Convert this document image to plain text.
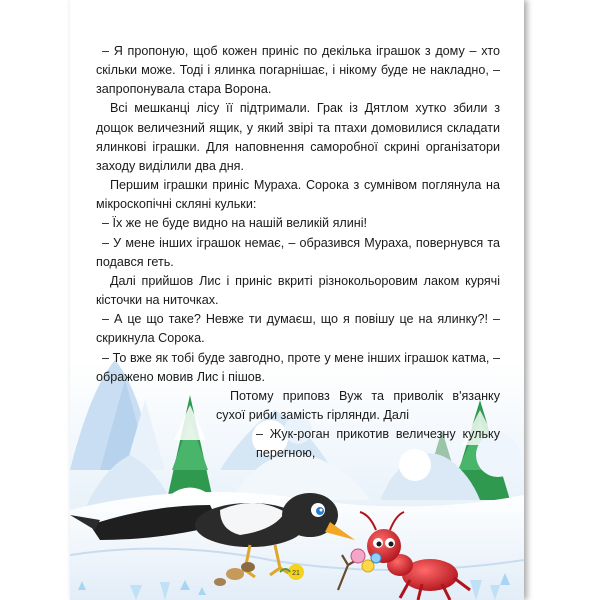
21

– Я пропоную, щоб кожен приніс по декілька іграшок з дому – хто скільки може. Тоді і ялинка погарнішає, і нікому буде не накладно, – запропонувала стара Ворона.

Всі мешканці лісу її підтримали. Грак із Дятлом хутко збили з дощок величезний ящик, у який звірі та птахи домовилися складати ялинкові іграшки. Для наповнення саморобної скрині організатори заходу виділили два дня.

Першим іграшки приніс Мураха. Сорока з сумнівом поглянула на мікроскопічні скляні кульки:

– Їх же не буде видно на нашій великій ялині!

– У мене інших іграшок немає, – образився Мураха, повернувся та подався геть.

Далі прийшов Лис і приніс вкриті різнокольоровим лаком курячі кісточки на ниточках.

– А це що таке? Невже ти думаєш, що я повішу це на ялинку?! – скрикнула Сорока.

– То вже як тобі буде завгодно, проте у мене інших іграшок катма, – ображено мовив Лис і пішов.

Потому приповз Вуж та приволік в'язанку сухої риби замість гірлянди. Далі

– Жук-роган прикотив величезну кульку перегною,
